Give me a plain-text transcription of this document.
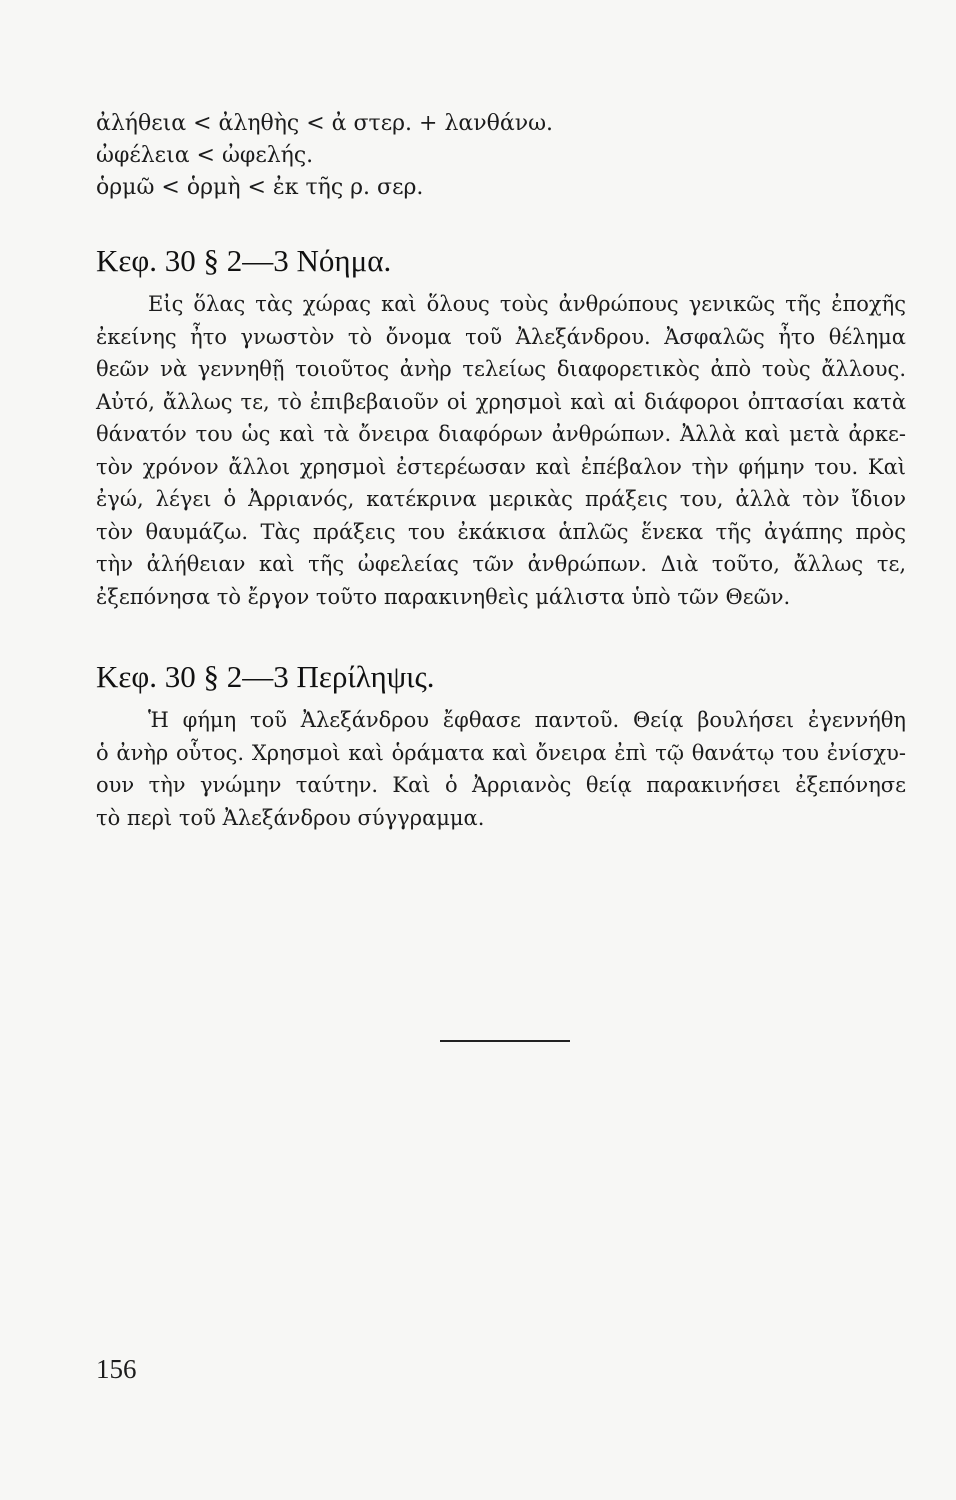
ἀλήθεια < ἀληθὴς < ἀ στερ. + λανθάνω.
ὠφέλεια < ὠφελής.
ὁρμῶ < ὁρμὴ < ἐκ τῆς ρ. σερ.
Κεφ. 30 § 2—3 Νόημα.
Εἰς ὅλας τὰς χώρας καὶ ὅλους τοὺς ἀνθρώπους γενικῶς τῆς ἐποχῆς
ἐκείνης ἦτο γνωστὸν τὸ ὄνομα τοῦ Ἀλεξάνδρου. Ἀσφαλῶς ἦτο θέλημα
θεῶν νὰ γεννηθῇ τοιοῦτος ἀνὴρ τελείως διαφορετικὸς ἀπὸ τοὺς ἄλλους.
Αὐτό, ἄλλως τε, τὸ ἐπιβεβαιοῦν οἱ χρησμοὶ καὶ αἱ διάφοροι ὀπτασίαι κατὰ
θάνατόν του ὡς καὶ τὰ ὄνειρα διαφόρων ἀνθρώπων. Ἀλλὰ καὶ μετὰ ἀρκε-
τὸν χρόνον ἄλλοι χρησμοὶ ἐστερέωσαν καὶ ἐπέβαλον τὴν φήμην του. Καὶ
ἐγώ, λέγει ὁ Ἀρριανός, κατέκρινα μερικὰς πράξεις του, ἀλλὰ τὸν ἴδιον
τὸν θαυμάζω. Τὰς πράξεις του ἐκάκισα ἁπλῶς ἕνεκα τῆς ἀγάπης πρὸς
τὴν ἀλήθειαν καὶ τῆς ὠφελείας τῶν ἀνθρώπων. Διὰ τοῦτο, ἄλλως τε,
ἐξεπόνησα τὸ ἔργον τοῦτο παρακινηθεὶς μάλιστα ὑπὸ τῶν Θεῶν.
Κεφ. 30 § 2—3 Περίληψις.
Ἡ φήμη τοῦ Ἀλεξάνδρου ἔφθασε παντοῦ. Θείᾳ βουλήσει ἐγεννήθη
ὁ ἀνὴρ οὗτος. Χρησμοὶ καὶ ὁράματα καὶ ὄνειρα ἐπὶ τῷ θανάτῳ του ἐνίσχυ-
ουν τὴν γνώμην ταύτην. Καὶ ὁ Ἀρριανὸς θείᾳ παρακινήσει ἐξεπόνησε
τὸ περὶ τοῦ Ἀλεξάνδρου σύγγραμμα.
156
